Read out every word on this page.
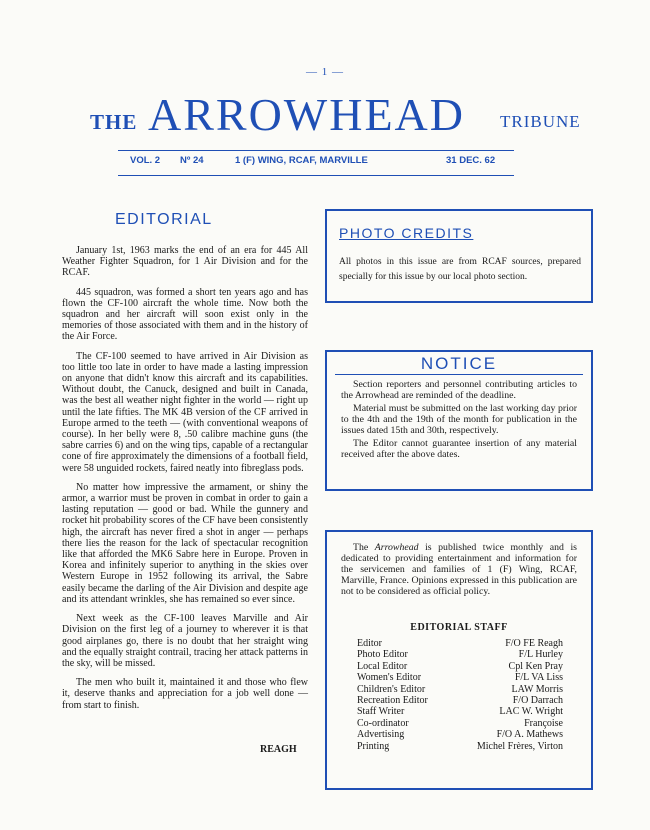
— 1 —
THE ARROWHEAD TRIBUNE
VOL. 2 Nº 24	1 (F) WING, RCAF, MARVILLE	31 DEC. 62
EDITORIAL

January 1st, 1963 marks the end of an era for 445 All Weather Fighter Squadron, for 1 Air Division and for the RCAF.

445 squadron, was formed a short ten years ago and has flown the CF-100 aircraft the whole time. Now both the squadron and her aircraft will soon exist only in the memories of those associated with them and in the history of the Air Force.

The CF-100 seemed to have arrived in Air Division as too little too late in order to have made a lasting impression on anyone that didn't know this aircraft and its capabilities. Without doubt, the Canuck, designed and built in Canada, was the best all weather night fighter in the world — right up until the late fifties. The MK 4B version of the CF arrived in Europe armed to the teeth — (with conventional weapons of course). In her belly were 8, .50 calibre machine guns (the sabre carries 6) and on the wing tips, capable of a rectangular cone of fire approximately the dimensions of a football field, were 58 unguided rockets, faired neatly into fibreglass pods.

No matter how impressive the armament, or shiny the armor, a warrior must be proven in combat in order to gain a lasting reputation — good or bad. While the gunnery and rocket hit probability scores of the CF have been consistently high, the aircraft has never fired a shot in anger — perhaps there lies the reason for the lack of spectacular recognition like that afforded the MK6 Sabre here in Europe. Proven in Korea and infinitely superior to anything in the skies over Western Europe in 1952 following its arrival, the Sabre easily became the darling of the Air Division and despite age and its attendant wrinkles, she has remained so ever since.

Next week as the CF-100 leaves Marville and Air Division on the first leg of a journey to wherever it is that good airplanes go, there is no doubt that her straight wing and the equally straight contrail, tracing her attack patterns in the sky, will be missed.

The men who built it, maintained it and those who flew it, deserve thanks and appreciation for a job well done — from start to finish.

REAGH
PHOTO CREDITS
All photos in this issue are from RCAF sources, prepared specially for this issue by our local photo section.
NOTICE

Section reporters and personnel contributing articles to the Arrowhead are reminded of the deadline.

Material must be submitted on the last working day prior to the 4th and the 19th of the month for publication in the issues dated 15th and 30th, respectively.

The Editor cannot guarantee insertion of any material received after the above dates.

The Arrowhead is published twice monthly and is dedicated to providing entertainment and information for the servicemen and families of 1 (F) Wing, RCAF, Marville, France. Opinions expressed in this publication are not to be considered as official policy.
EDITORIAL STAFF
Editor	F/O FE Reagh
Photo Editor	F/L Hurley
Local Editor	Cpl Ken Pray
Women's Editor	F/L VA Liss
Children's Editor	LAW Morris
Recreation Editor	F/O Darrach
Staff Writer	LAC W. Wright
Co-ordinator	Françoise
Advertising	F/O A. Mathews
Printing	Michel Frères, Virton
